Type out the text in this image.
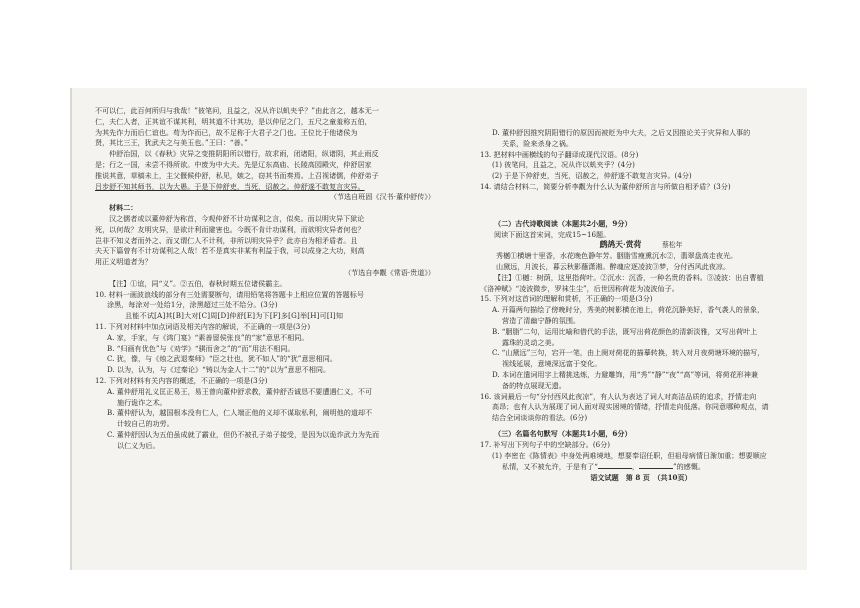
不可以仁，此百何所归与我哉！”彼笔问，且益之，况从许以虮夹乎？”由此言之，越本无一

仁，夫仁人者，正其谊不谋其利，明其道不计其功，是以仲尼之门，五尺之童羞称五伯，

为其先诈力而后仁谊也。苟为诈而已，故不足称于大君子之门也。王位比于他诸侯为

贤，其比三王，犹武夫之与美玉也。”王曰：“善。”

仲舒治国，以《春秋》灾异之变推阴阳所以错行，故求雨，闭诸阳，纵诸阴，其止雨反

是；行之一国，未尝不得所欲。中废为中大夫。先是辽东高庙、长陵高园殿灾，仲舒居家

推说其意，草稿未上，主父偃候仲舒，私见，嫉之，窃其书而奏焉。上召视诸儒，仲舒弟子

吕步舒不知其师书，以为大愚。于是下仲舒吏，当死，诏赦之。仲舒遂不敢复言灾异。

（节选自班固《汉书·董仲舒传》）

材料二：

汉之儒者或以董仲舒为称首，今观仲舒不计功谋利之言，似矣。而以明灾异下狱论

死，以何哉？友明灾异，是欲计利而避害也。今既不肯计功谋利，而欲明灾异者何也？

岂非不知义者而外之、而又谓仁人不计利，非所以明灾异乎？此亦自为相矛盾者。且

夫天下篇曾有不计功谋利之人哉！若不是真实非某有利益于我，可以成身之大功，则高

用正义明道者为？

（节选自李觏《常语·贵道》）

【注】①谊，同“义”。②五伯，春秋时期五位诸侯霸主。

10. 材料一画波浪线的部分有三处需要断句，请用铅笔将答题卡上相应位置的答题标号

涂黑，每涂对一处给1分，涂黑超过三处不给分。(3分)

且能不试[A]其[B]大对[C]周[D]仲舒[E]为下[F]多[G]举[H]可[I]知

11. 下列对材料中加点词语及相关内容的解说，不正确的一项是(3分)

A. 家，手家，与《鸿门宴》“素善留侯张良”的“家”意思不相同。

B. “归画有优色”与《劝学》“骐而舍之”的“而”用法不相同。

C. 犹，像，与《烛之武退秦师》“臣之壮也，犹不如人”的“犹”意思相同。

D. 以为，认为，与《过秦论》“铸以为金人十二”的“以为”意思不相同。

12. 下列对材料有关内容的概述，不正确的一项是(3分)

A. 董仲舒用礼义匡正易王，易王曾向董仲舒求教，董仲舒否诚恳不要遭遇仁义，不可

施行诡诈之术。

B. 董仲舒认为，越国根本没有仁人，仁人端正他的义却不谋取私利，阐明他的道却不

计较自己的功劳。

C. 董仲舒因认为五伯虽成就了霸业，但仍不被孔子弟子接受，是因为以诡诈武力为先而

以仁义为后。

D. 董仲舒因推究阴阳错行的原因而被贬为中大夫，之后又因推论关于灾异和人事的

关系，险来杀身之祸。

13. 把材料中画横线的句子翻译成现代汉语。(8分)

(1) 彼笔问，且益之，况从许以虮夹乎？(4分)

(2) 于是下仲舒吏，当死，诏赦之，仲舒遂不敢复言灾异。(4分)

14. 请结合材料二，简要分析李觏为什么认为董仲舒所言与所做自相矛盾？(3分)

（二）古代诗歌阅读（本题共2小题，9分）

阅读下面这首宋词，完成15~16题。

鹧鸪天·赏荷	蔡松年

秀樾①横塘十里香，水花晚色静年芳。胭脂雪瘦熏沉水②，翡翠盘高走夜光。

山黛远，月波长，暮云秋影蘸潇湘。醉魂应逐凌波③梦，分付西风此夜凉。

【注】①樾：树荫，这里指荷叶。②沉水：沉香，一种名贵的香料。③凌波：出自曹植

《洛神赋》“凌波微步，罗袜生尘”，后世因称荷花为凌波仙子。

15. 下列对这首词的理解和赏析，不正确的一项是(3分)

A. 开篇两句描绘了傍晚时分，秀美的树影横在池上，荷花沉静美好，香气袭人的景象，

营造了清幽宁静的氛围。

B. “胭脂”二句，运用比喻和借代的手法，既写出荷花颜色的清新淡雅，又写出荷叶上

露珠的灵动之美。

C. “山黛远”三句，宕开一笔，由上阕对荷花的描摹转换，转入对月夜荷塘环境的描写，

视线延展，意境深远富于变化。

D. 本词在遣词用字上精挑选炼，力避雕饰，用“秀”“静”“夜”“高”等词，将荷花形神兼

备的特点展现无遗。

16. 该词最后一句“分付西风此夜凉”，有人认为表达了词人对高洁品质的追求，抒情走向

高昂；也有人认为展现了词人面对现实困境的情绪，抒情走向低落。你同意哪种观点，请

结合全词谈谈你的看法。(6分)

（三）名篇名句默写（本题共1小题，6分）

17. 补写出下列句子中的空缺部分。(6分)

(1) 李密在《陈情表》中身处两难境地，想要奉诏任职，但祖母病情日渐加重；想要顺应

私情，又不被允许，于是有了“	，	”的感慨。

语文试题　第 8 页　（共10页）
